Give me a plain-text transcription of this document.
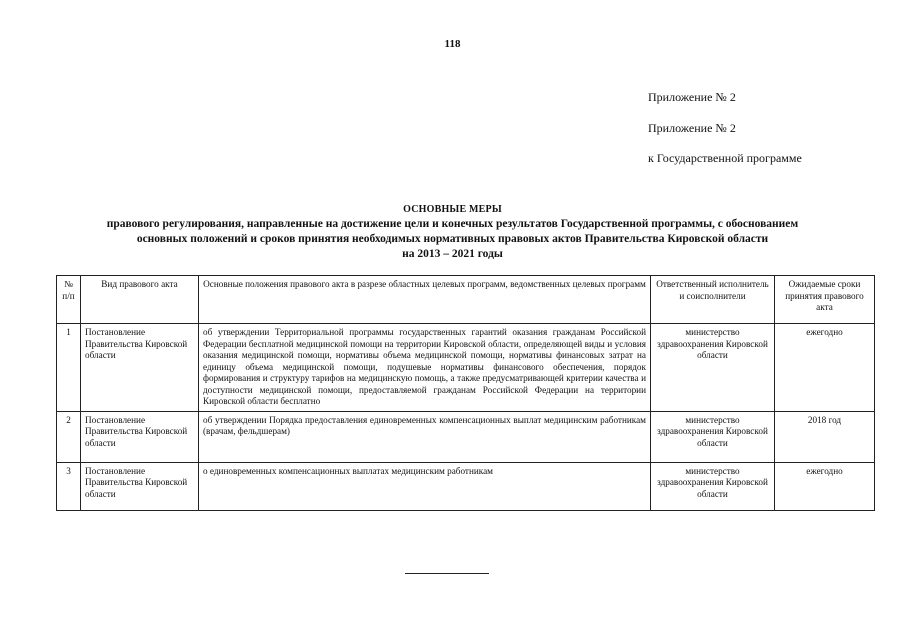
118
Приложение № 2
Приложение № 2
к Государственной программе
ОСНОВНЫЕ МЕРЫ
правового регулирования, направленные на достижение цели и конечных результатов Государственной программы, с обоснованием
основных положений и сроков принятия необходимых нормативных правовых актов Правительства Кировской области
на 2013 – 2021 годы
№ п/п	Вид правового акта	Основные положения правового акта в разрезе областных целевых программ, ведомственных целевых программ	Ответственный исполнитель и соисполнители	Ожидаемые сроки принятия правового акта
1	Постановление Правительства Кировской области	об утверждении Территориальной программы государственных гарантий оказания гражданам Российской Федерации бесплатной медицинской помощи на территории Кировской области, определяющей виды и условия оказания медицинской помощи, нормативы объема медицинской помощи, нормативы финансовых затрат на единицу объема медицинской помощи, подушевые нормативы финансового обеспечения, порядок формирования и структуру тарифов на медицинскую помощь, а также предусматривающей критерии качества и доступности медицинской помощи, предоставляемой гражданам Российской Федерации на территории Кировской области бесплатно	министерство здравоохранения Кировской области	ежегодно
2	Постановление Правительства Кировской области	об утверждении Порядка предоставления единовременных компенсационных выплат медицинским работникам (врачам, фельдшерам)	министерство здравоохранения Кировской области	2018 год
3	Постановление Правительства Кировской области	о единовременных компенсационных выплатах медицинским работникам	министерство здравоохранения Кировской области	ежегодно
